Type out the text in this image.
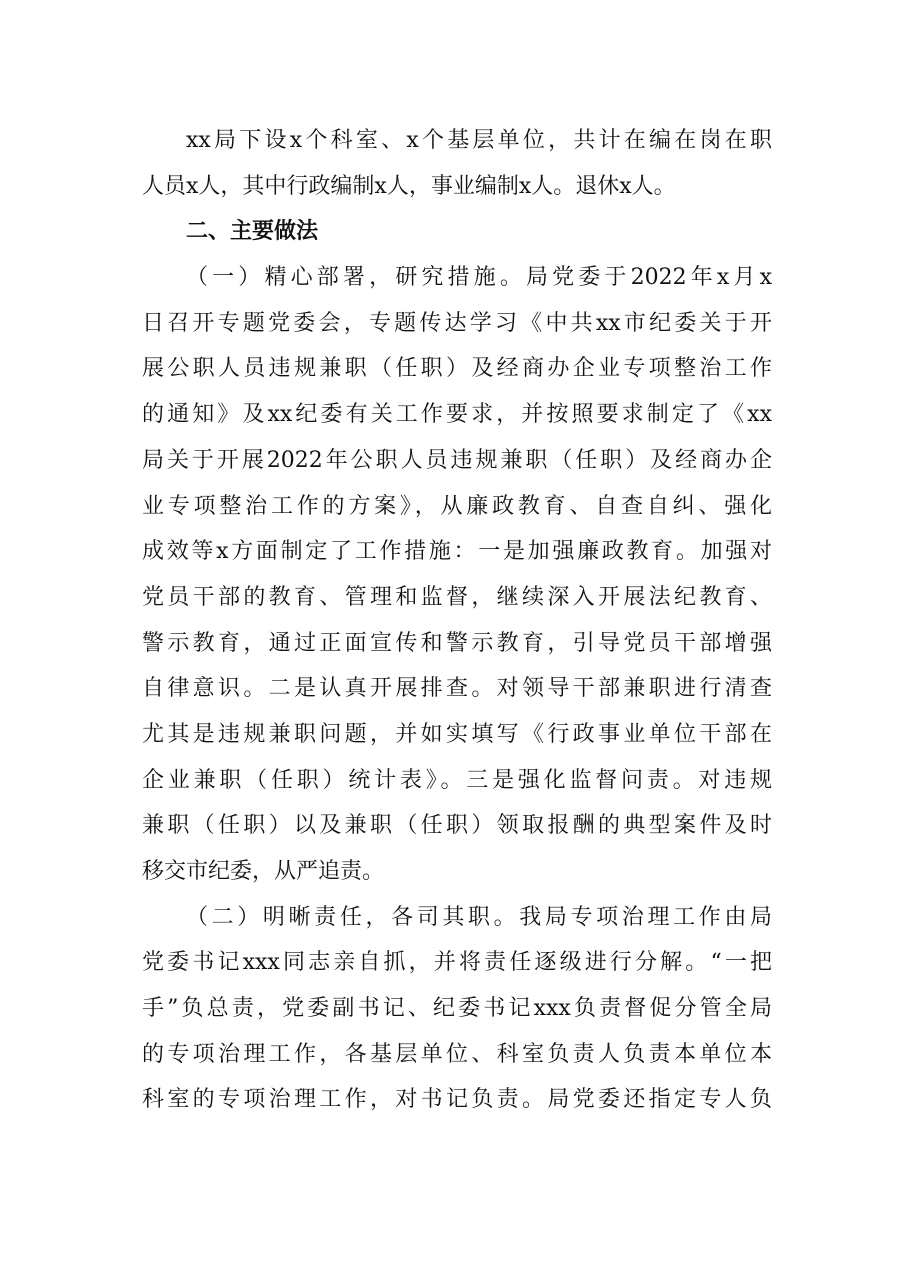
xx局下设x个科室、x个基层单位，共计在编在岗在职
人员x人，其中行政编制x人，事业编制x人。退休x人。
二、主要做法
（一）精心部署，研究措施。局党委于2022年x月x
日召开专题党委会，专题传达学习《中共xx市纪委关于开
展公职人员违规兼职（任职）及经商办企业专项整治工作
的通知》及xx纪委有关工作要求，并按照要求制定了《xx
局关于开展2022年公职人员违规兼职（任职）及经商办企
业专项整治工作的方案》，从廉政教育、自查自纠、强化
成效等x方面制定了工作措施：一是加强廉政教育。加强对
党员干部的教育、管理和监督，继续深入开展法纪教育、
警示教育，通过正面宣传和警示教育，引导党员干部增强
自律意识。二是认真开展排查。对领导干部兼职进行清查
尤其是违规兼职问题，并如实填写《行政事业单位干部在
企业兼职（任职）统计表》。三是强化监督问责。对违规
兼职（任职）以及兼职（任职）领取报酬的典型案件及时
移交市纪委，从严追责。
（二）明晰责任，各司其职。我局专项治理工作由局
党委书记xxx同志亲自抓，并将责任逐级进行分解。“一把
手”负总责，党委副书记、纪委书记xxx负责督促分管全局
的专项治理工作，各基层单位、科室负责人负责本单位本
科室的专项治理工作，对书记负责。局党委还指定专人负
